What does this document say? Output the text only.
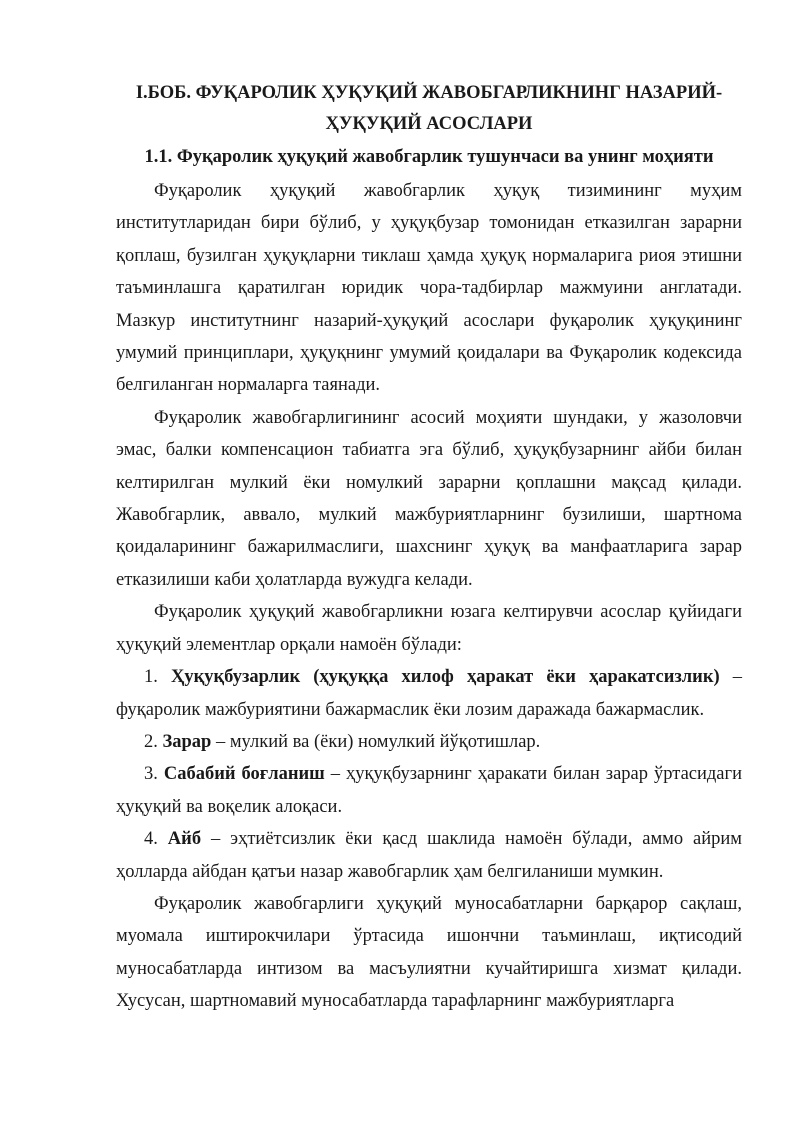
I.БОБ. ФУҚАРОЛИК ҲУҚУҚИЙ ЖАВОБГАРЛИКНИНГ НАЗАРИЙ-
ҲУҚУҚИЙ АСОСЛАРИ
1.1. Фуқаролик ҳуқуқий жавобгарлик тушунчаси ва унинг моҳияти

Фуқаролик ҳуқуқий жавобгарлик ҳуқуқ тизимининг муҳим институтларидан бири бўлиб, у ҳуқуқбузар томонидан етказилган зарарни қоплаш, бузилган ҳуқуқларни тиклаш ҳамда ҳуқуқ нормаларига риоя этишни таъминлашга қаратилган юридик чора-тадбирлар мажмуини англатади. Мазкур институтнинг назарий-ҳуқуқий асослари фуқаролик ҳуқуқининг умумий принциплари, ҳуқуқнинг умумий қоидалари ва Фуқаролик кодексида белгиланган нормаларга таянади.

Фуқаролик жавобгарлигининг асосий моҳияти шундаки, у жазоловчи эмас, балки компенсацион табиатга эга бўлиб, ҳуқуқбузарнинг айби билан келтирилган мулкий ёки номулкий зарарни қоплашни мақсад қилади. Жавобгарлик, аввало, мулкий мажбуриятларнинг бузилиши, шартнома қоидаларининг бажарилмаслиги, шахснинг ҳуқуқ ва манфаатларига зарар етказилиши каби ҳолатларда вужудга келади.

Фуқаролик ҳуқуқий жавобгарликни юзага келтирувчи асослар қуйидаги ҳуқуқий элементлар орқали намоён бўлади:

1. Ҳуқуқбузарлик (ҳуқуққа хилоф ҳаракат ёки ҳаракатсизлик) – фуқаролик мажбуриятини бажармаслик ёки лозим даражада бажармаслик.

2. Зарар – мулкий ва (ёки) номулкий йўқотишлар.

3. Сабабий боғланиш – ҳуқуқбузарнинг ҳаракати билан зарар ўртасидаги ҳуқуқий ва воқелик алоқаси.

4. Айб – эҳтиётсизлик ёки қасд шаклида намоён бўлади, аммо айрим ҳолларда айбдан қатъи назар жавобгарлик ҳам белгиланиши мумкин.

Фуқаролик жавобгарлиги ҳуқуқий муносабатларни барқарор сақлаш, муомала иштирокчилари ўртасида ишончни таъминлаш, иқтисодий муносабатларда интизом ва масъулиятни кучайтиришга хизмат қилади. Хусусан, шартномавий муносабатларда тарафларнинг мажбуриятларга
